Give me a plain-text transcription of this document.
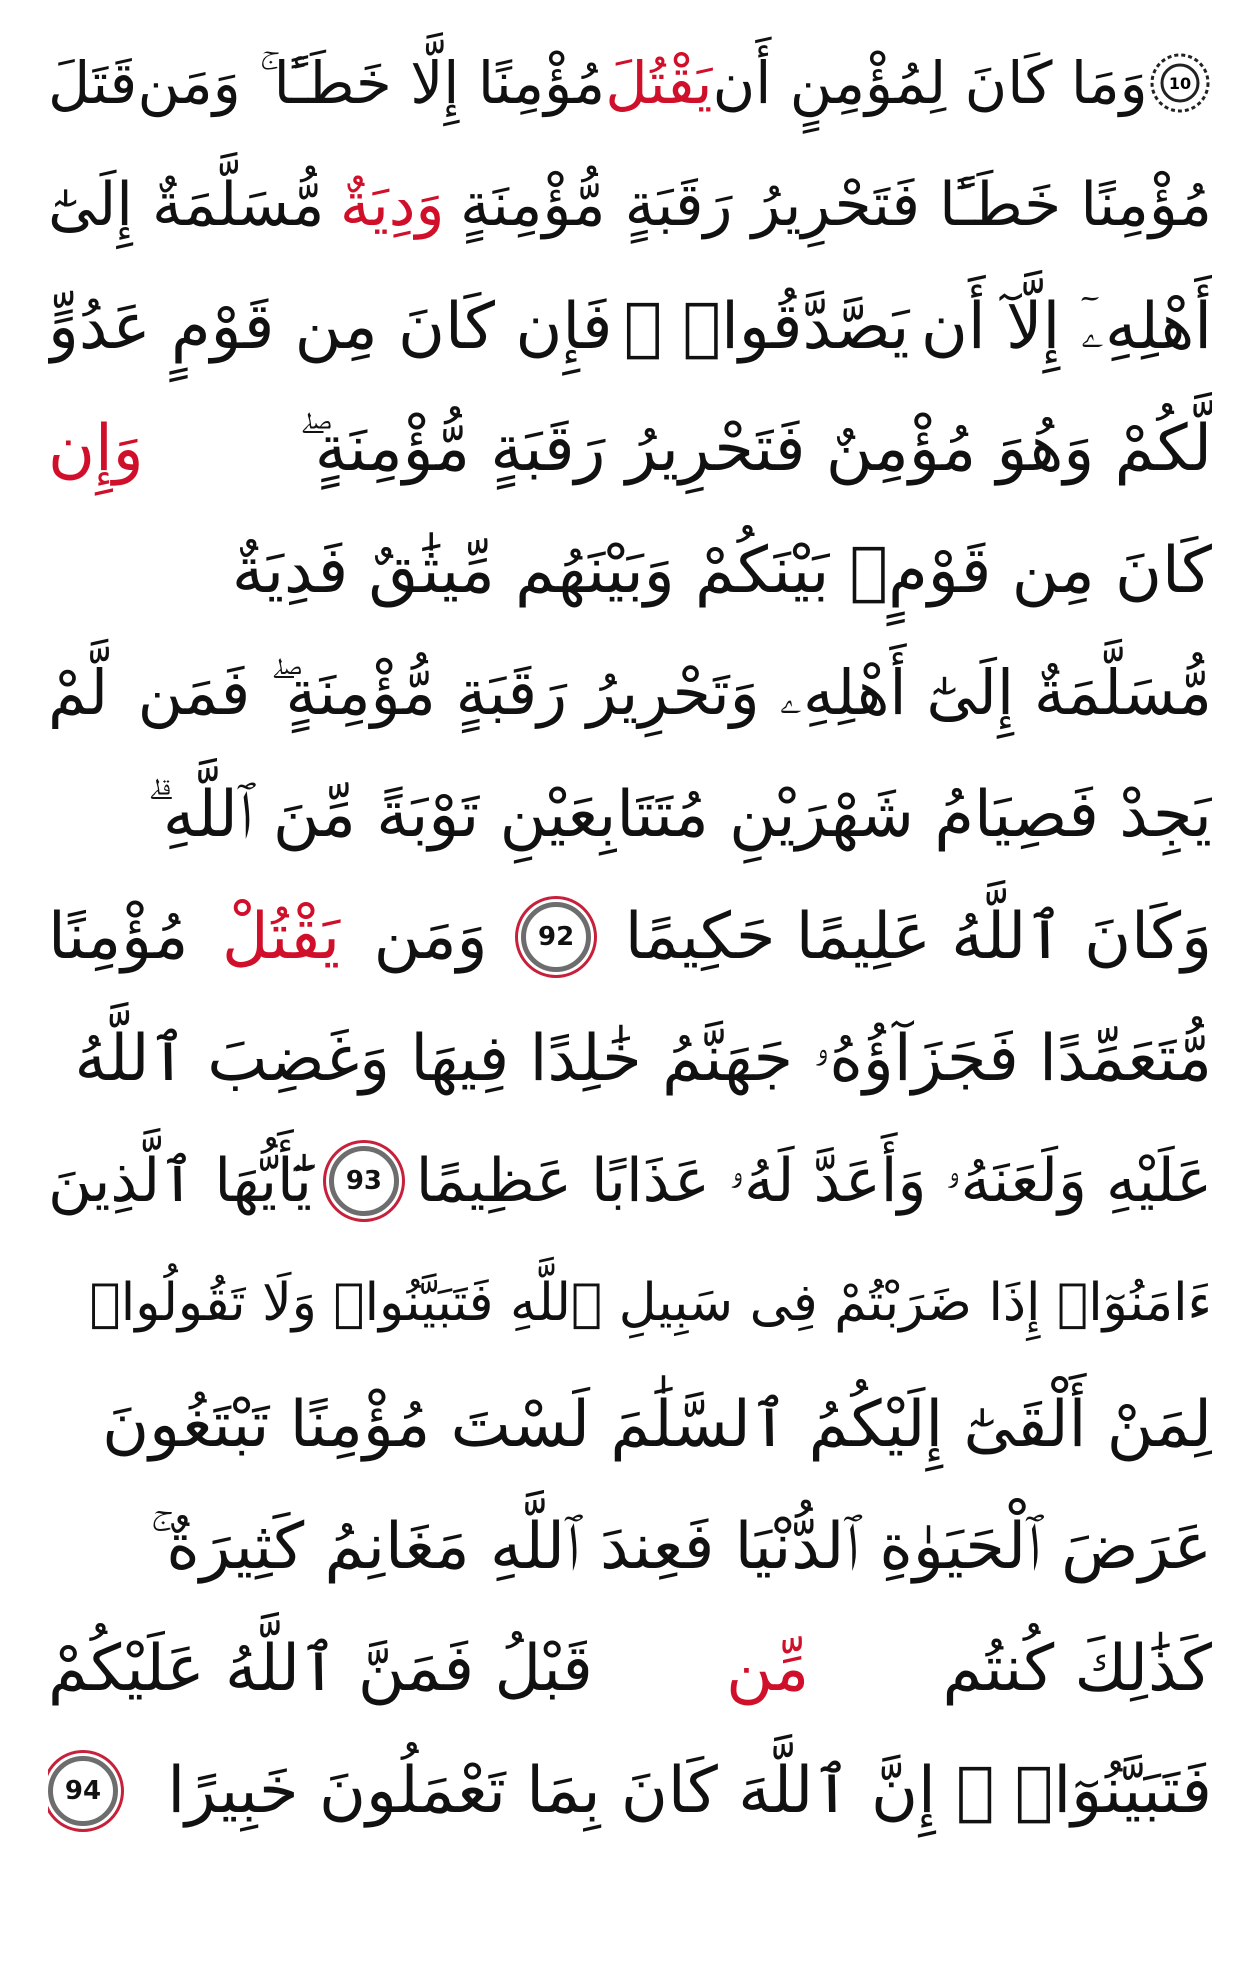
10
وَمَا كَانَ لِمُؤْمِنٍ أَن
يَقْتُلَ
مُؤْمِنًا إِلَّا خَطَـًٔا ۚ وَمَن
قَتَلَ
مُؤْمِنًا خَطَـًٔا فَتَحْرِيرُ رَقَبَةٍ مُّؤْمِنَةٍ
وَدِيَةٌ
مُّسَلَّمَةٌ إِلَىٰٓ
أَهْلِهِۦٓ إِلَّآ أَن
يَصَّدَّقُوا۟ ۚ
فَإِن كَانَ مِن قَوْمٍ عَدُوٍّ
لَّكُمْ وَهُوَ مُؤْمِنٌ فَتَحْرِيرُ رَقَبَةٍ مُّؤْمِنَةٍ ۖ
وَإِن
كَانَ مِن قَوْمٍۭ بَيْنَكُمْ وَبَيْنَهُم مِّيثَٰقٌ فَدِيَةٌ
مُّسَلَّمَةٌ إِلَىٰٓ أَهْلِهِۦ وَتَحْرِيرُ رَقَبَةٍ مُّؤْمِنَةٍ ۖ فَمَن
لَّمْ
يَجِدْ فَصِيَامُ شَهْرَيْنِ مُتَتَابِعَيْنِ تَوْبَةً مِّنَ ٱللَّهِ ۗ
وَكَانَ ٱللَّهُ عَلِيمًا حَكِيمًا
92
وَمَن
يَقْتُلْ
مُؤْمِنًا
مُّتَعَمِّدًا فَجَزَآؤُهُۥ جَهَنَّمُ خَٰلِدًا فِيهَا وَغَضِبَ ٱللَّهُ
عَلَيْهِ وَلَعَنَهُۥ وَأَعَدَّ لَهُۥ عَذَابًا عَظِيمًا
93
يَٰٓأَيُّهَا ٱلَّذِينَ
ءَامَنُوٓا۟ إِذَا ضَرَبْتُمْ فِى سَبِيلِ ٱللَّهِ فَتَبَيَّنُوا۟ وَلَا تَقُولُوا۟
لِمَنْ أَلْقَىٰٓ إِلَيْكُمُ ٱلسَّلَٰمَ لَسْتَ مُؤْمِنًا تَبْتَغُونَ
عَرَضَ ٱلْحَيَوٰةِ ٱلدُّنْيَا فَعِندَ ٱللَّهِ مَغَانِمُ كَثِيرَةٌ ۚ
كَذَٰلِكَ كُنتُم
مِّن
قَبْلُ فَمَنَّ ٱللَّهُ عَلَيْكُمْ
فَتَبَيَّنُوٓا۟ ۚ إِنَّ ٱللَّهَ كَانَ بِمَا تَعْمَلُونَ خَبِيرًا
94
